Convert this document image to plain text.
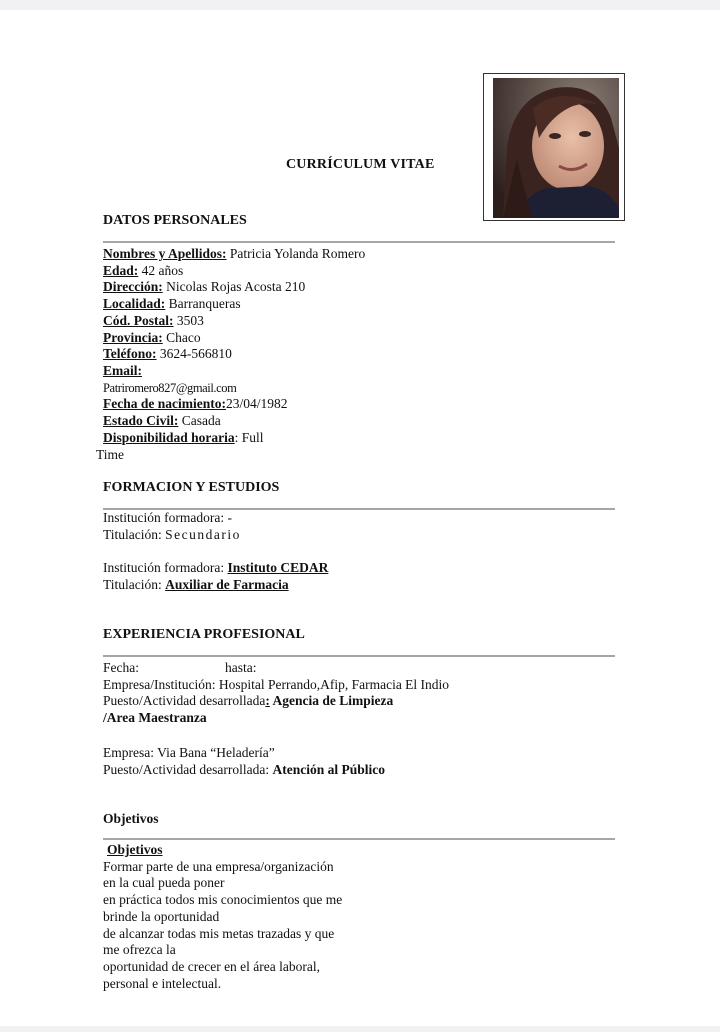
CURRÍCULUM VITAE
DATOS PERSONALES
Nombres y Apellidos: Patricia Yolanda Romero
Edad: 42 años
Dirección: Nicolas Rojas Acosta 210
Localidad: Barranqueras
Cód. Postal: 3503
Provincia: Chaco
Teléfono: 3624-566810
Email:
Patriromero827@gmail.com
Fecha de nacimiento:23/04/1982
Estado Civil: Casada
Disponibilidad horaria: Full
Time
FORMACION Y ESTUDIOS
Institución formadora: -
Titulación: Secundario
Institución formadora: Instituto CEDAR
Titulación: Auxiliar de Farmacia
EXPERIENCIA PROFESIONAL
Fecha:	hasta:
Empresa/Institución: Hospital Perrando,Afip, Farmacia El Indio
Puesto/Actividad desarrollada: Agencia de Limpieza
/Area Maestranza
Empresa: Via Bana “Heladería”
Puesto/Actividad desarrollada: Atención al Público
Objetivos
Objetivos
Formar parte de una empresa/organización
en la cual pueda poner
en práctica todos mis conocimientos que me
brinde la oportunidad
de alcanzar todas mis metas trazadas y que
me ofrezca la
oportunidad de crecer en el área laboral,
personal e intelectual.
